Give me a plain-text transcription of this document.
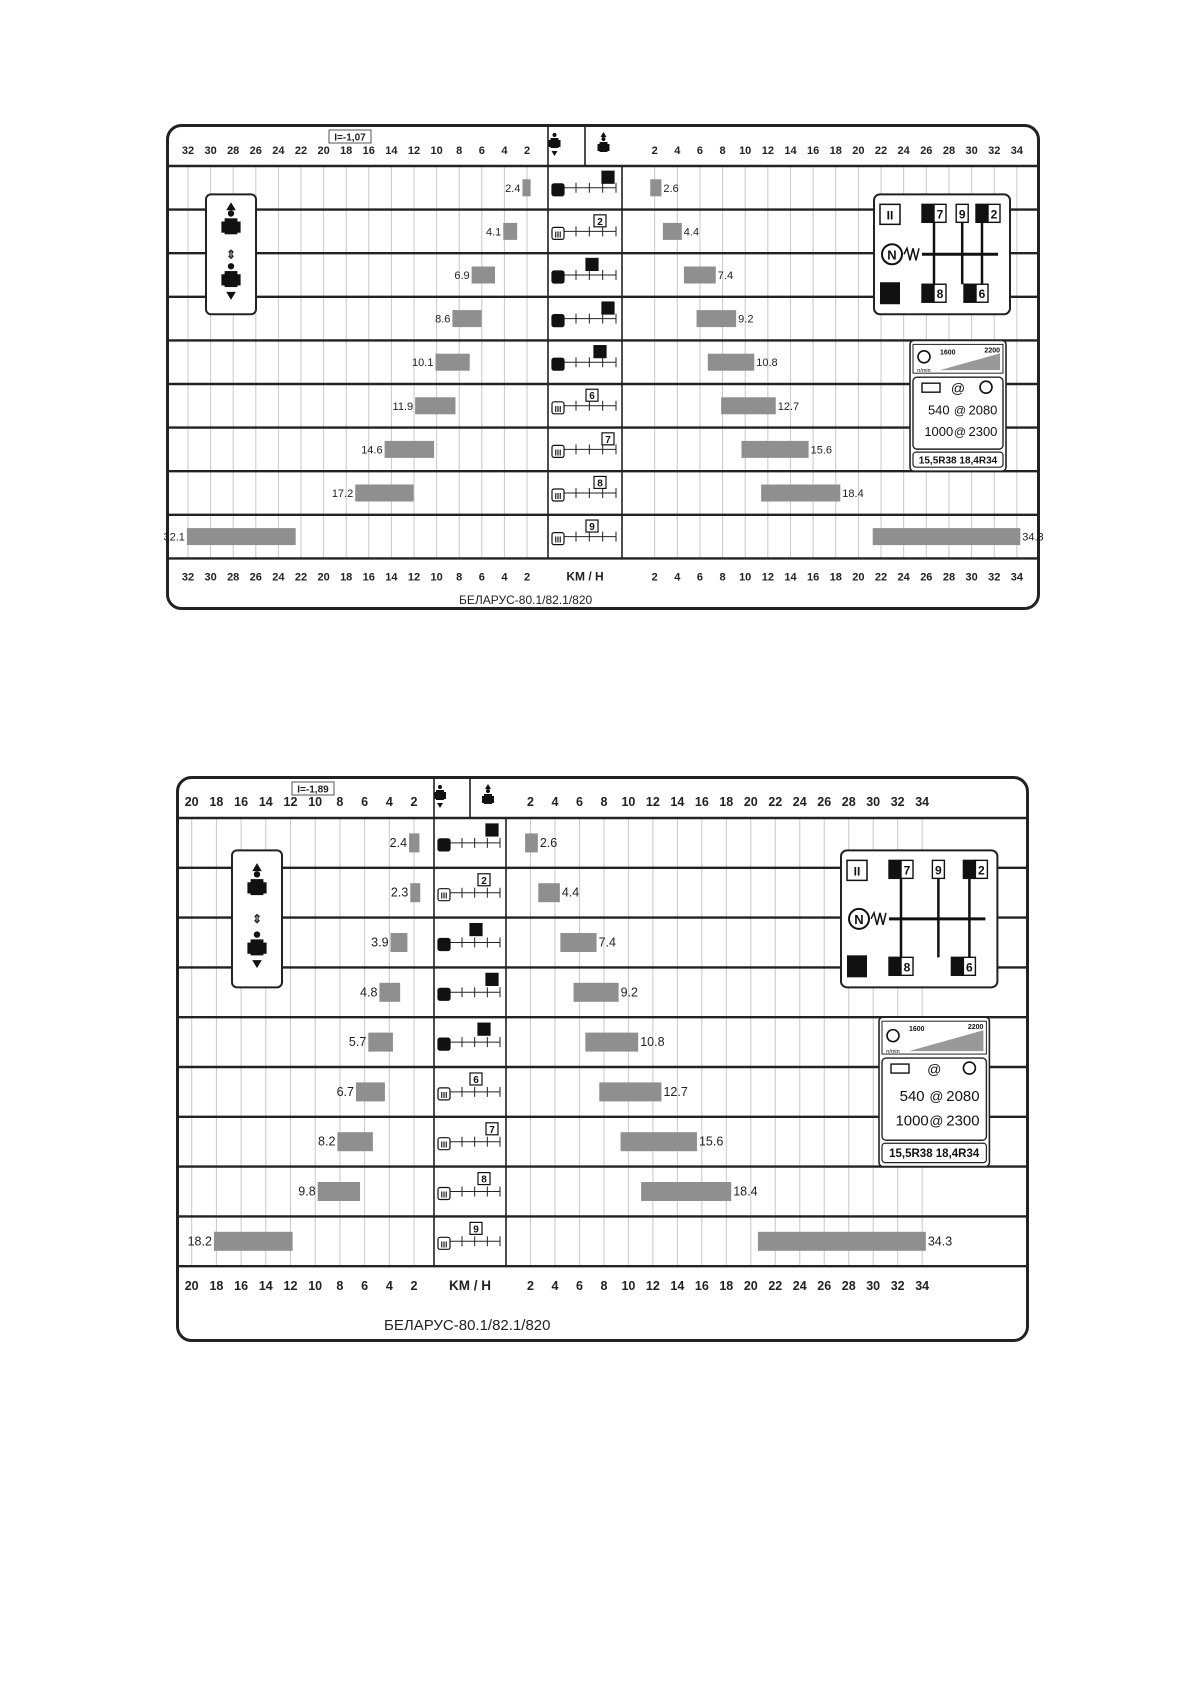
32
32
30
30
28
28
26
26
24
24
22
22
20
20
18
18
16
16
14
14
12
12
10
10
8
8
6
6
4
4
2
2
2
2
4
4
6
6
8
8
10
10
12
12
14
14
16
16
18
18
20
20
22
22
24
24
26
26
28
28
30
30
32
32
34
34
KM / H
I=-1,07
⇕
2.4	2.6
II
1
4.1	4.4
III
2
6.9	7.4
II
3
8.6	9.2
II
4
10.1	10.8
II
5
11.9	12.7
III
6
14.6	15.6
III
7
17.2	18.4
III
8
32.1	34.3
III
9
II
I
N
4 7 9 1 2
5 8 3 6
n/min
1600	2200
@
540 @ 2080
1000 @ 2300
15,5R38 18,4R34
БЕЛАРУС-80.1/82.1/820
20
20
18
18
16
16
14
14
12
12
10
10
8
8
6
6
4
4
2
2
2
2
4
4
6
6
8
8
10
10
12
12
14
14
16
16
18
18
20
20
22
22
24
24
26
26
28
28
30
30
32
32
34
34
KM / H
I=-1,89
⇕
2.4	2.6
II
1
2.3	4.4
III
2
3.9	7.4
II
3
4.8	9.2
II
4
5.7	10.8
II
5
6.7	12.7
III
6
8.2	15.6
III
7
9.8	18.4
III
8
18.2	34.3
III
9
II
I
N
4 7 9 1 2
5 8	3 6
n/min
1600	2200
@
540 @ 2080
1000 @ 2300
15,5R38 18,4R34
БЕЛАРУС-80.1/82.1/820
